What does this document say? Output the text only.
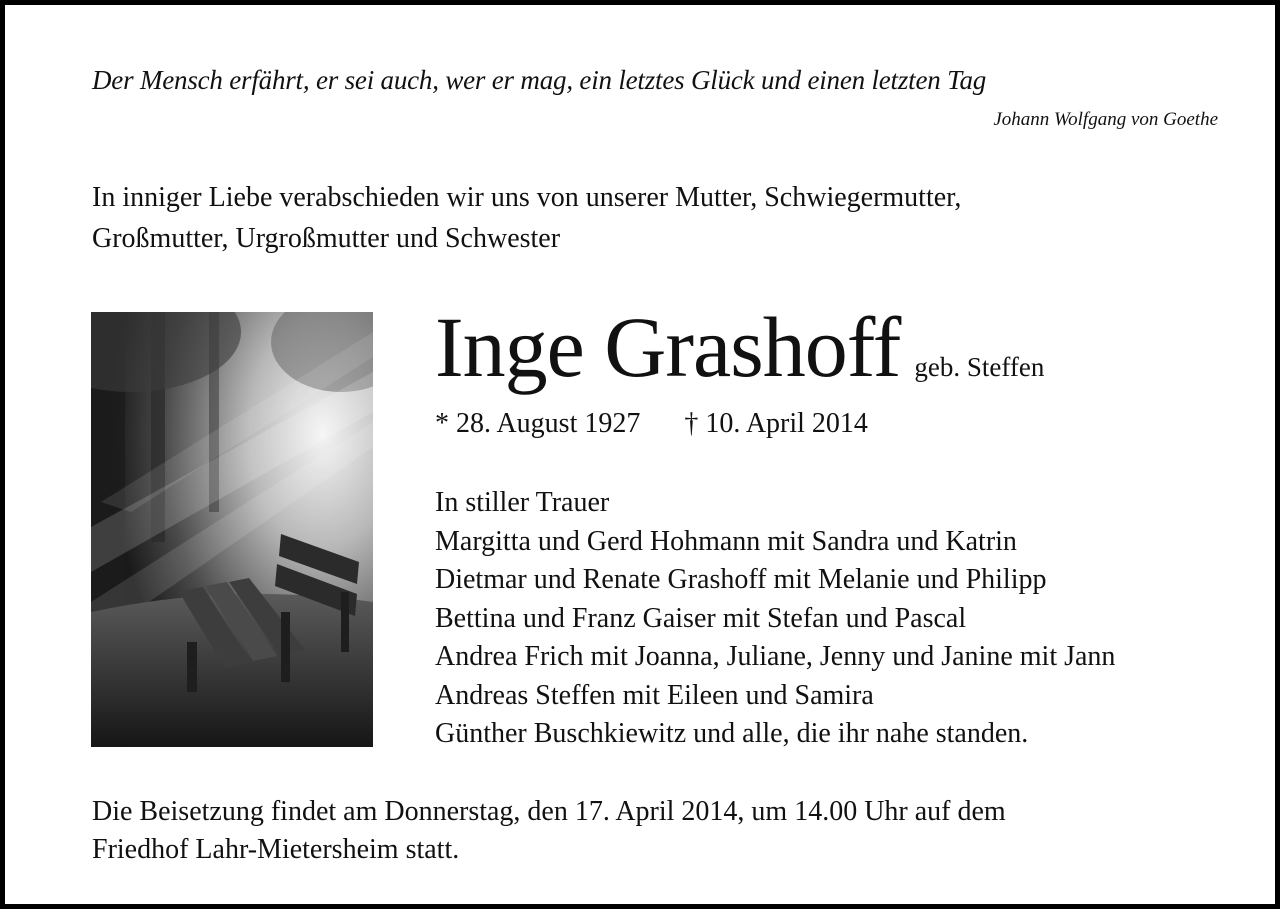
Der Mensch erfährt, er sei auch, wer er mag, ein letztes Glück und einen letzten Tag
Johann Wolfgang von Goethe
In inniger Liebe verabschieden wir uns von unserer Mutter, Schwiegermutter,
Großmutter, Urgroßmutter und Schwester
Inge Grashoff geb. Steffen
* 28. August 1927 † 10. April 2014
In stiller Trauer
Margitta und Gerd Hohmann mit Sandra und Katrin
Dietmar und Renate Grashoff mit Melanie und Philipp
Bettina und Franz Gaiser mit Stefan und Pascal
Andrea Frich mit Joanna, Juliane, Jenny und Janine mit Jann
Andreas Steffen mit Eileen und Samira
Günther Buschkiewitz und alle, die ihr nahe standen.
Die Beisetzung findet am Donnerstag, den 17. April 2014, um 14.00 Uhr auf dem
Friedhof Lahr-Mietersheim statt.
